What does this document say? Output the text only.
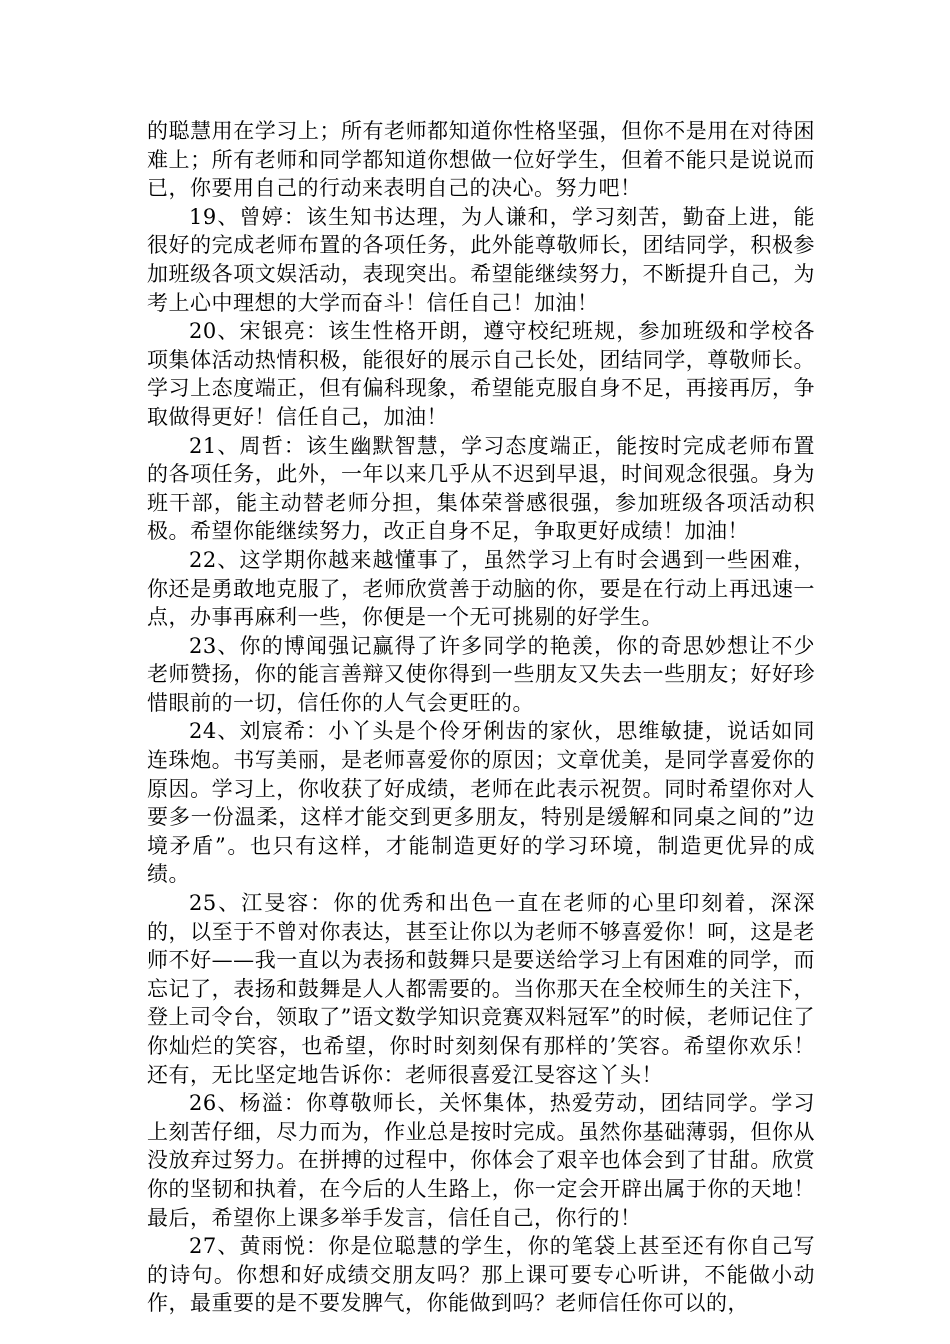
的聪慧用在学习上；所有老师都知道你性格坚强，但你不是用在对待困难上；所有老师和同学都知道你想做一位好学生，但着不能只是说说而已，你要用自己的行动来表明自己的决心。努力吧！

19、曾婷：该生知书达理，为人谦和，学习刻苦，勤奋上进，能很好的完成老师布置的各项任务，此外能尊敬师长，团结同学，积极参加班级各项文娱活动，表现突出。希望能继续努力，不断提升自己，为考上心中理想的大学而奋斗！信任自己！加油！

20、宋银亮：该生性格开朗，遵守校纪班规，参加班级和学校各项集体活动热情积极，能很好的展示自己长处，团结同学，尊敬师长。学习上态度端正，但有偏科现象，希望能克服自身不足，再接再厉，争取做得更好！信任自己，加油！

21、周哲：该生幽默智慧，学习态度端正，能按时完成老师布置的各项任务，此外，一年以来几乎从不迟到早退，时间观念很强。身为班干部，能主动替老师分担，集体荣誉感很强，参加班级各项活动积极。希望你能继续努力，改正自身不足，争取更好成绩！加油！

22、这学期你越来越懂事了，虽然学习上有时会遇到一些困难，你还是勇敢地克服了，老师欣赏善于动脑的你，要是在行动上再迅速一点，办事再麻利一些，你便是一个无可挑剔的好学生。

23、你的博闻强记赢得了许多同学的艳羡，你的奇思妙想让不少老师赞扬，你的能言善辩又使你得到一些朋友又失去一些朋友；好好珍惜眼前的一切，信任你的人气会更旺的。

24、刘宸希：小丫头是个伶牙俐齿的家伙，思维敏捷，说话如同连珠炮。书写美丽，是老师喜爱你的原因；文章优美，是同学喜爱你的原因。学习上，你收获了好成绩，老师在此表示祝贺。同时希望你对人要多一份温柔，这样才能交到更多朋友，特别是缓解和同桌之间的”边境矛盾”。也只有这样，才能制造更好的学习环境，制造更优异的成绩。

25、江旻容：你的优秀和出色一直在老师的心里印刻着，深深的，以至于不曾对你表达，甚至让你以为老师不够喜爱你！呵，这是老师不好——我一直以为表扬和鼓舞只是要送给学习上有困难的同学，而忘记了，表扬和鼓舞是人人都需要的。当你那天在全校师生的关注下，登上司令台，领取了”语文数学知识竞赛双料冠军”的时候，老师记住了你灿烂的笑容，也希望，你时时刻刻保有那样的’笑容。希望你欢乐！还有，无比坚定地告诉你：老师很喜爱江旻容这丫头！

26、杨溢：你尊敬师长，关怀集体，热爱劳动，团结同学。学习上刻苦仔细，尽力而为，作业总是按时完成。虽然你基础薄弱，但你从没放弃过努力。在拼搏的过程中，你体会了艰辛也体会到了甘甜。欣赏你的坚韧和执着，在今后的人生路上，你一定会开辟出属于你的天地！最后，希望你上课多举手发言，信任自己，你行的！

27、黄雨悦：你是位聪慧的学生，你的笔袋上甚至还有你自己写的诗句。你想和好成绩交朋友吗？那上课可要专心听讲，不能做小动作，最重要的是不要发脾气，你能做到吗？老师信任你可以的，
